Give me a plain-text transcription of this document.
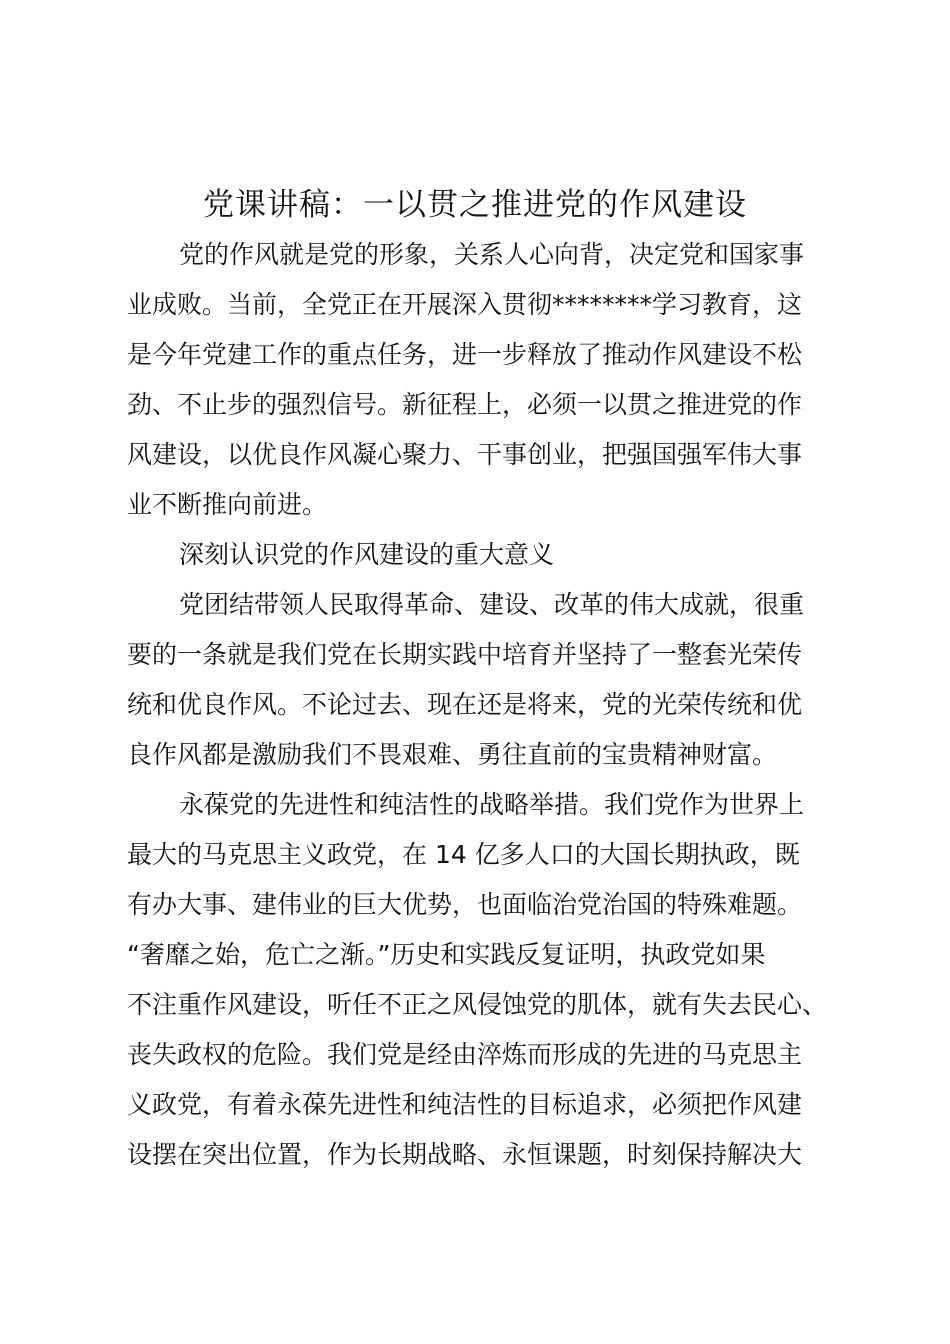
党课讲稿：一以贯之推进党的作风建设
党的作风就是党的形象，关系人心向背，决定党和国家事
业成败。当前，全党正在开展深入贯彻********学习教育，这
是今年党建工作的重点任务，进一步释放了推动作风建设不松
劲、不止步的强烈信号。新征程上，必须一以贯之推进党的作
风建设，以优良作风凝心聚力、干事创业，把强国强军伟大事
业不断推向前进。
深刻认识党的作风建设的重大意义
党团结带领人民取得革命、建设、改革的伟大成就，很重
要的一条就是我们党在长期实践中培育并坚持了一整套光荣传
统和优良作风。不论过去、现在还是将来，党的光荣传统和优
良作风都是激励我们不畏艰难、勇往直前的宝贵精神财富。
永葆党的先进性和纯洁性的战略举措。我们党作为世界上
最大的马克思主义政党，在 14 亿多人口的大国长期执政，既
有办大事、建伟业的巨大优势，也面临治党治国的特殊难题。
“奢靡之始，危亡之渐。”历史和实践反复证明，执政党如果
不注重作风建设，听任不正之风侵蚀党的肌体，就有失去民心、
丧失政权的危险。我们党是经由淬炼而形成的先进的马克思主
义政党，有着永葆先进性和纯洁性的目标追求，必须把作风建
设摆在突出位置，作为长期战略、永恒课题，时刻保持解决大
